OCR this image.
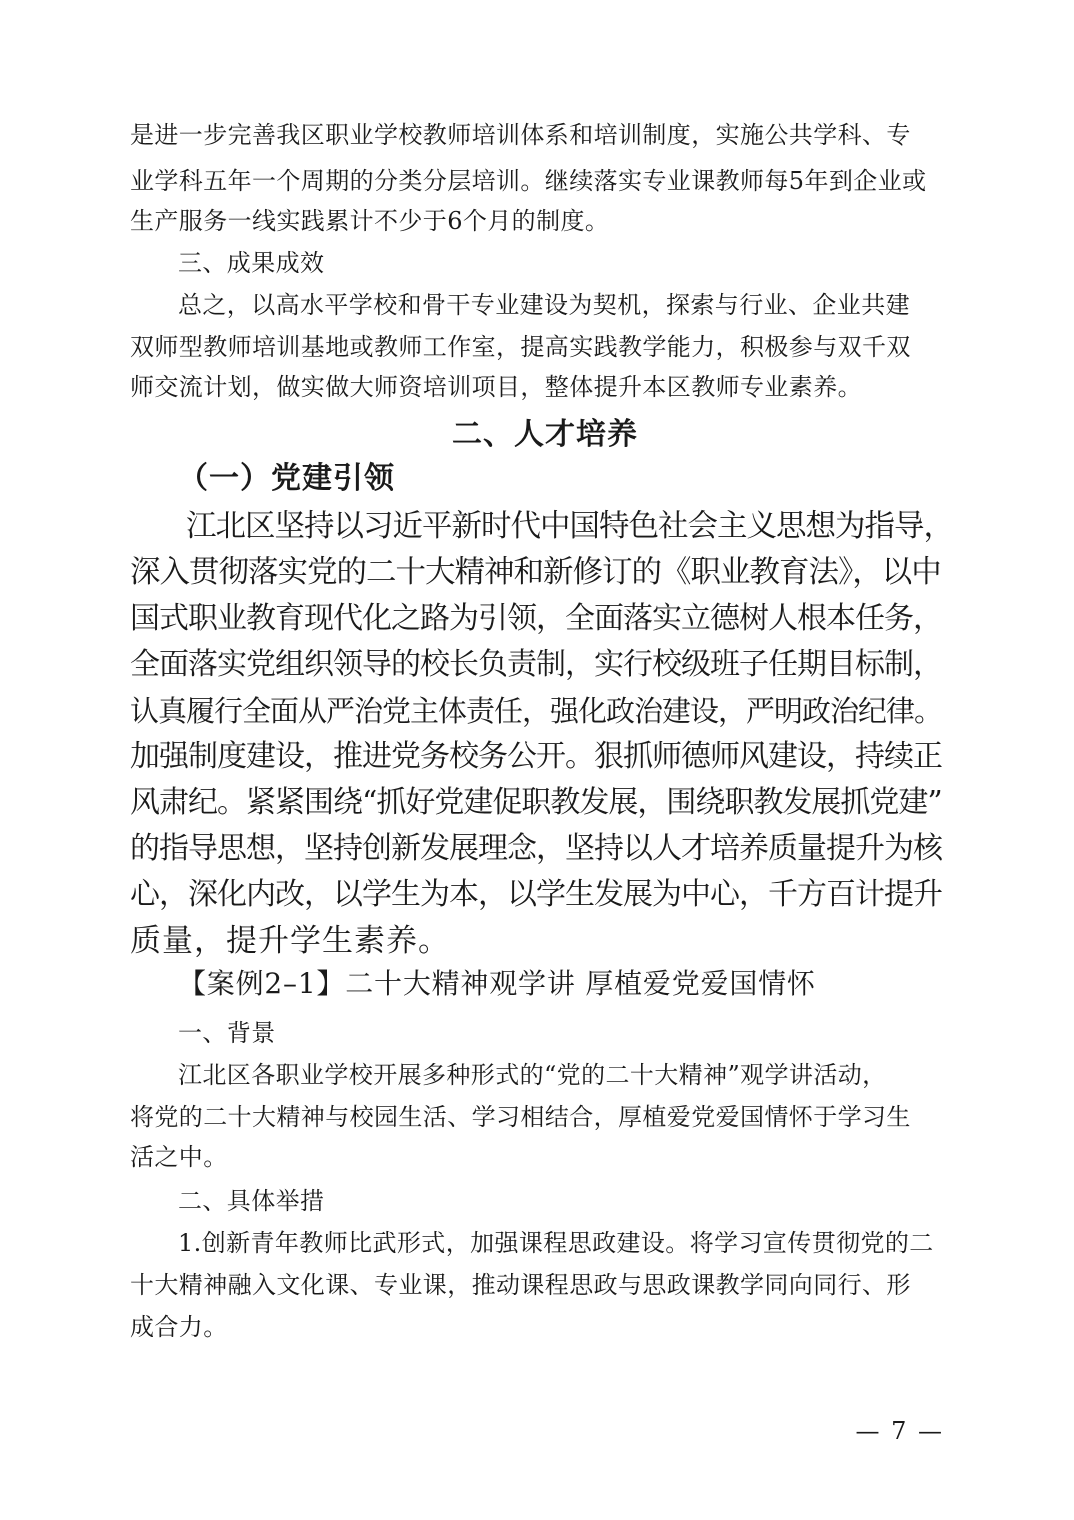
是进一步完善我区职业学校教师培训体系和培训制度，实施公共学科、专
业学科五年一个周期的分类分层培训。继续落实专业课教师每5年到企业或
生产服务一线实践累计不少于6个月的制度。
三、成果成效
总之，以高水平学校和骨干专业建设为契机，探索与行业、企业共建
双师型教师培训基地或教师工作室，提高实践教学能力，积极参与双千双
师交流计划，做实做大师资培训项目，整体提升本区教师专业素养。
二、人才培养
（一）党建引领
江北区坚持以习近平新时代中国特色社会主义思想为指导，
深入贯彻落实党的二十大精神和新修订的《职业教育法》，以中
国式职业教育现代化之路为引领，全面落实立德树人根本任务，
全面落实党组织领导的校长负责制，实行校级班子任期目标制，
认真履行全面从严治党主体责任，强化政治建设，严明政治纪律。
加强制度建设，推进党务校务公开。狠抓师德师风建设，持续正
风肃纪。紧紧围绕“抓好党建促职教发展，围绕职教发展抓党建”
的指导思想，坚持创新发展理念，坚持以人才培养质量提升为核
心，深化内改，以学生为本，以学生发展为中心，千方百计提升
质量，提升学生素养。
【案例2–1】二十大精神观学讲 厚植爱党爱国情怀
一、背景
江北区各职业学校开展多种形式的“党的二十大精神”观学讲活动，
将党的二十大精神与校园生活、学习相结合，厚植爱党爱国情怀于学习生
活之中。
二、具体举措
1.创新青年教师比武形式，加强课程思政建设。将学习宣传贯彻党的二
十大精神融入文化课、专业课，推动课程思政与思政课教学同向同行、形
成合力。
— 7 —
